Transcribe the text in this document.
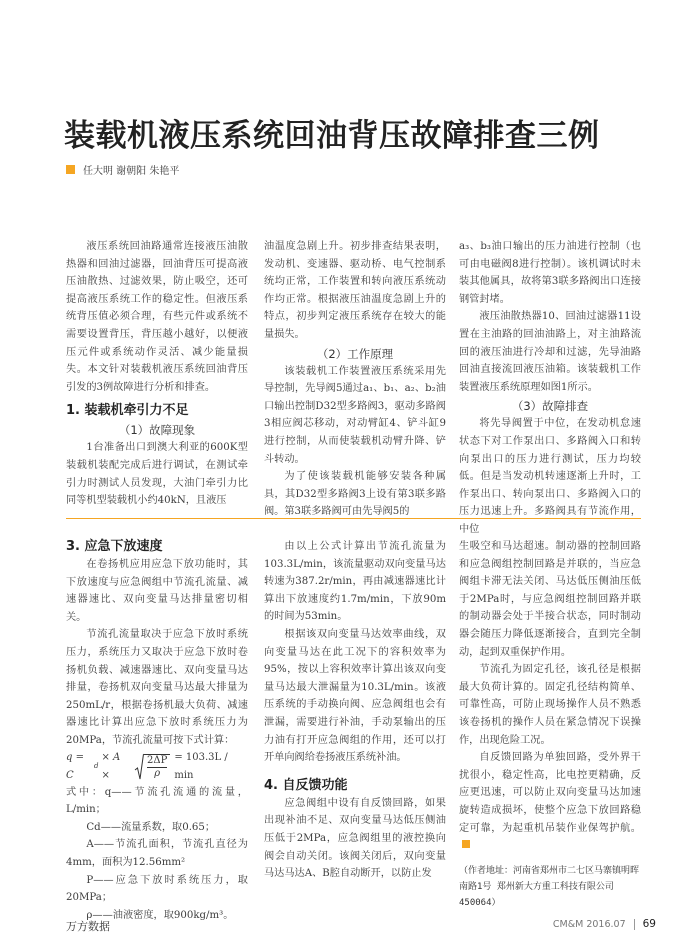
装载机液压系统回油背压故障排查三例
任大明 谢朝阳 朱艳平

液压系统回油路通常连接液压油散热器和回油过滤器，回油背压可提高液压油散热、过滤效果，防止吸空，还可提高液压系统工作的稳定性。但液压系统背压值必须合理，有些元件或系统不需要设置背压，背压越小越好，以便液压元件或系统动作灵活、减少能量损失。本文针对装载机液压系统回油背压引发的3例故障进行分析和排查。

1. 装载机牵引力不足
（1）故障现象

1台准备出口到澳大利亚的600K型装载机装配完成后进行调试，在测试牵引力时测试人员发现，大油门牵引力比同等机型装载机小约40kN，且液压

油温度急剧上升。初步排查结果表明，发动机、变速器、驱动桥、电气控制系统均正常，工作装置和转向液压系统动作均正常。根据液压油温度急剧上升的特点，初步判定液压系统存在较大的能量损失。

（2）工作原理

该装载机工作装置液压系统采用先导控制，先导阀5通过a₁、b₁、a₂、b₂油口输出控制D32型多路阀3，驱动多路阀3相应阀芯移动，对动臂缸4、铲斗缸9进行控制，从而使装载机动臂升降、铲斗转动。

为了使该装载机能够安装各种属具，其D32型多路阀3上设有第3联多路阀。第3联多路阀可由先导阀5的

a₃、b₃油口输出的压力油进行控制（也可由电磁阀8进行控制）。该机调试时未装其他属具，故将第3联多路阀出口连接钢管封堵。

液压油散热器10、回油过滤器11设置在主油路的回油油路上，对主油路流回的液压油进行冷却和过滤，先导油路回油直接流回液压油箱。该装载机工作装置液压系统原理如图1所示。

（3）故障排查

将先导阀置于中位，在发动机怠速状态下对工作泵出口、多路阀入口和转向泵出口的压力进行测试，压力均较低。但是当发动机转速逐渐上升时，工作泵出口、转向泵出口、多路阀入口的压力迅速上升。多路阀具有节流作用，中位

3. 应急下放速度

在卷扬机应用应急下放功能时，其下放速度与应急阀组中节流孔流量、减速器速比、双向变量马达排量密切相关。

节流孔流量取决于应急下放时系统压力，系统压力又取决于应急下放时卷扬机负载、减速器速比、双向变量马达排量，卷扬机双向变量马达最大排量为250mL/r，根据卷扬机最大负荷、减速器速比计算出应急下放时系统压力为20MPa，节流孔流量可按下式计算：

q = C
d
× A ×	$\frac{2\Delta P}{\rho} = 103.3L / \min$

式中：q——节流孔流通的流量，L/min；

Cd——流量系数，取0.65；

A——节流孔面积，节流孔直径为4mm，面积为12.56mm²

P——应急下放时系统压力，取20MPa；

ρ——油液密度，取900kg/m³。

由以上公式计算出节流孔流量为103.3L/min，该流量驱动双向变量马达转速为387.2r/min，再由减速器速比计算出下放速度约1.7m/min，下放90m的时间为53min。

根据该双向变量马达效率曲线，双向变量马达在此工况下的容积效率为95%，按以上容积效率计算出该双向变量马达最大泄漏量为10.3L/min。该液压系统的手动换向阀、应急阀组也会有泄漏，需要进行补油，手动泵输出的压力油有打开应急阀组的作用，还可以打开单向阀给卷扬液压系统补油。

4. 自反馈功能

应急阀组中设有自反馈回路，如果出现补油不足、双向变量马达低压侧油压低于2MPa，应急阀组里的液控换向阀会自动关闭。该阀关闭后，双向变量马达马达A、B腔自动断开，以防止发

生吸空和马达超速。制动器的控制回路和应急阀组控制回路是并联的，当应急阀组卡滞无法关闭、马达低压侧油压低于2MPa时，与应急阀组控制回路并联的制动器会处于半接合状态，同时制动器会随压力降低逐渐接合，直到完全制动，起到双重保护作用。

节流孔为固定孔径，该孔径是根据最大负荷计算的。固定孔径结构简单、可靠性高，可防止现场操作人员不熟悉该卷扬机的操作人员在紧急情况下误操作，出现危险工况。

自反馈回路为单独回路，受外界干扰很小，稳定性高，比电控更精确，反应更迅速，可以防止双向变量马达加速旋转造成损坏，使整个应急下放回路稳定可靠，为起重机吊装作业保驾护航。

（作者地址：河南省郑州市二七区马寨镇明晖南路1号 郑州新大方重工科技有限公司 450064）
万方数据	CM&M 2016.07 69
